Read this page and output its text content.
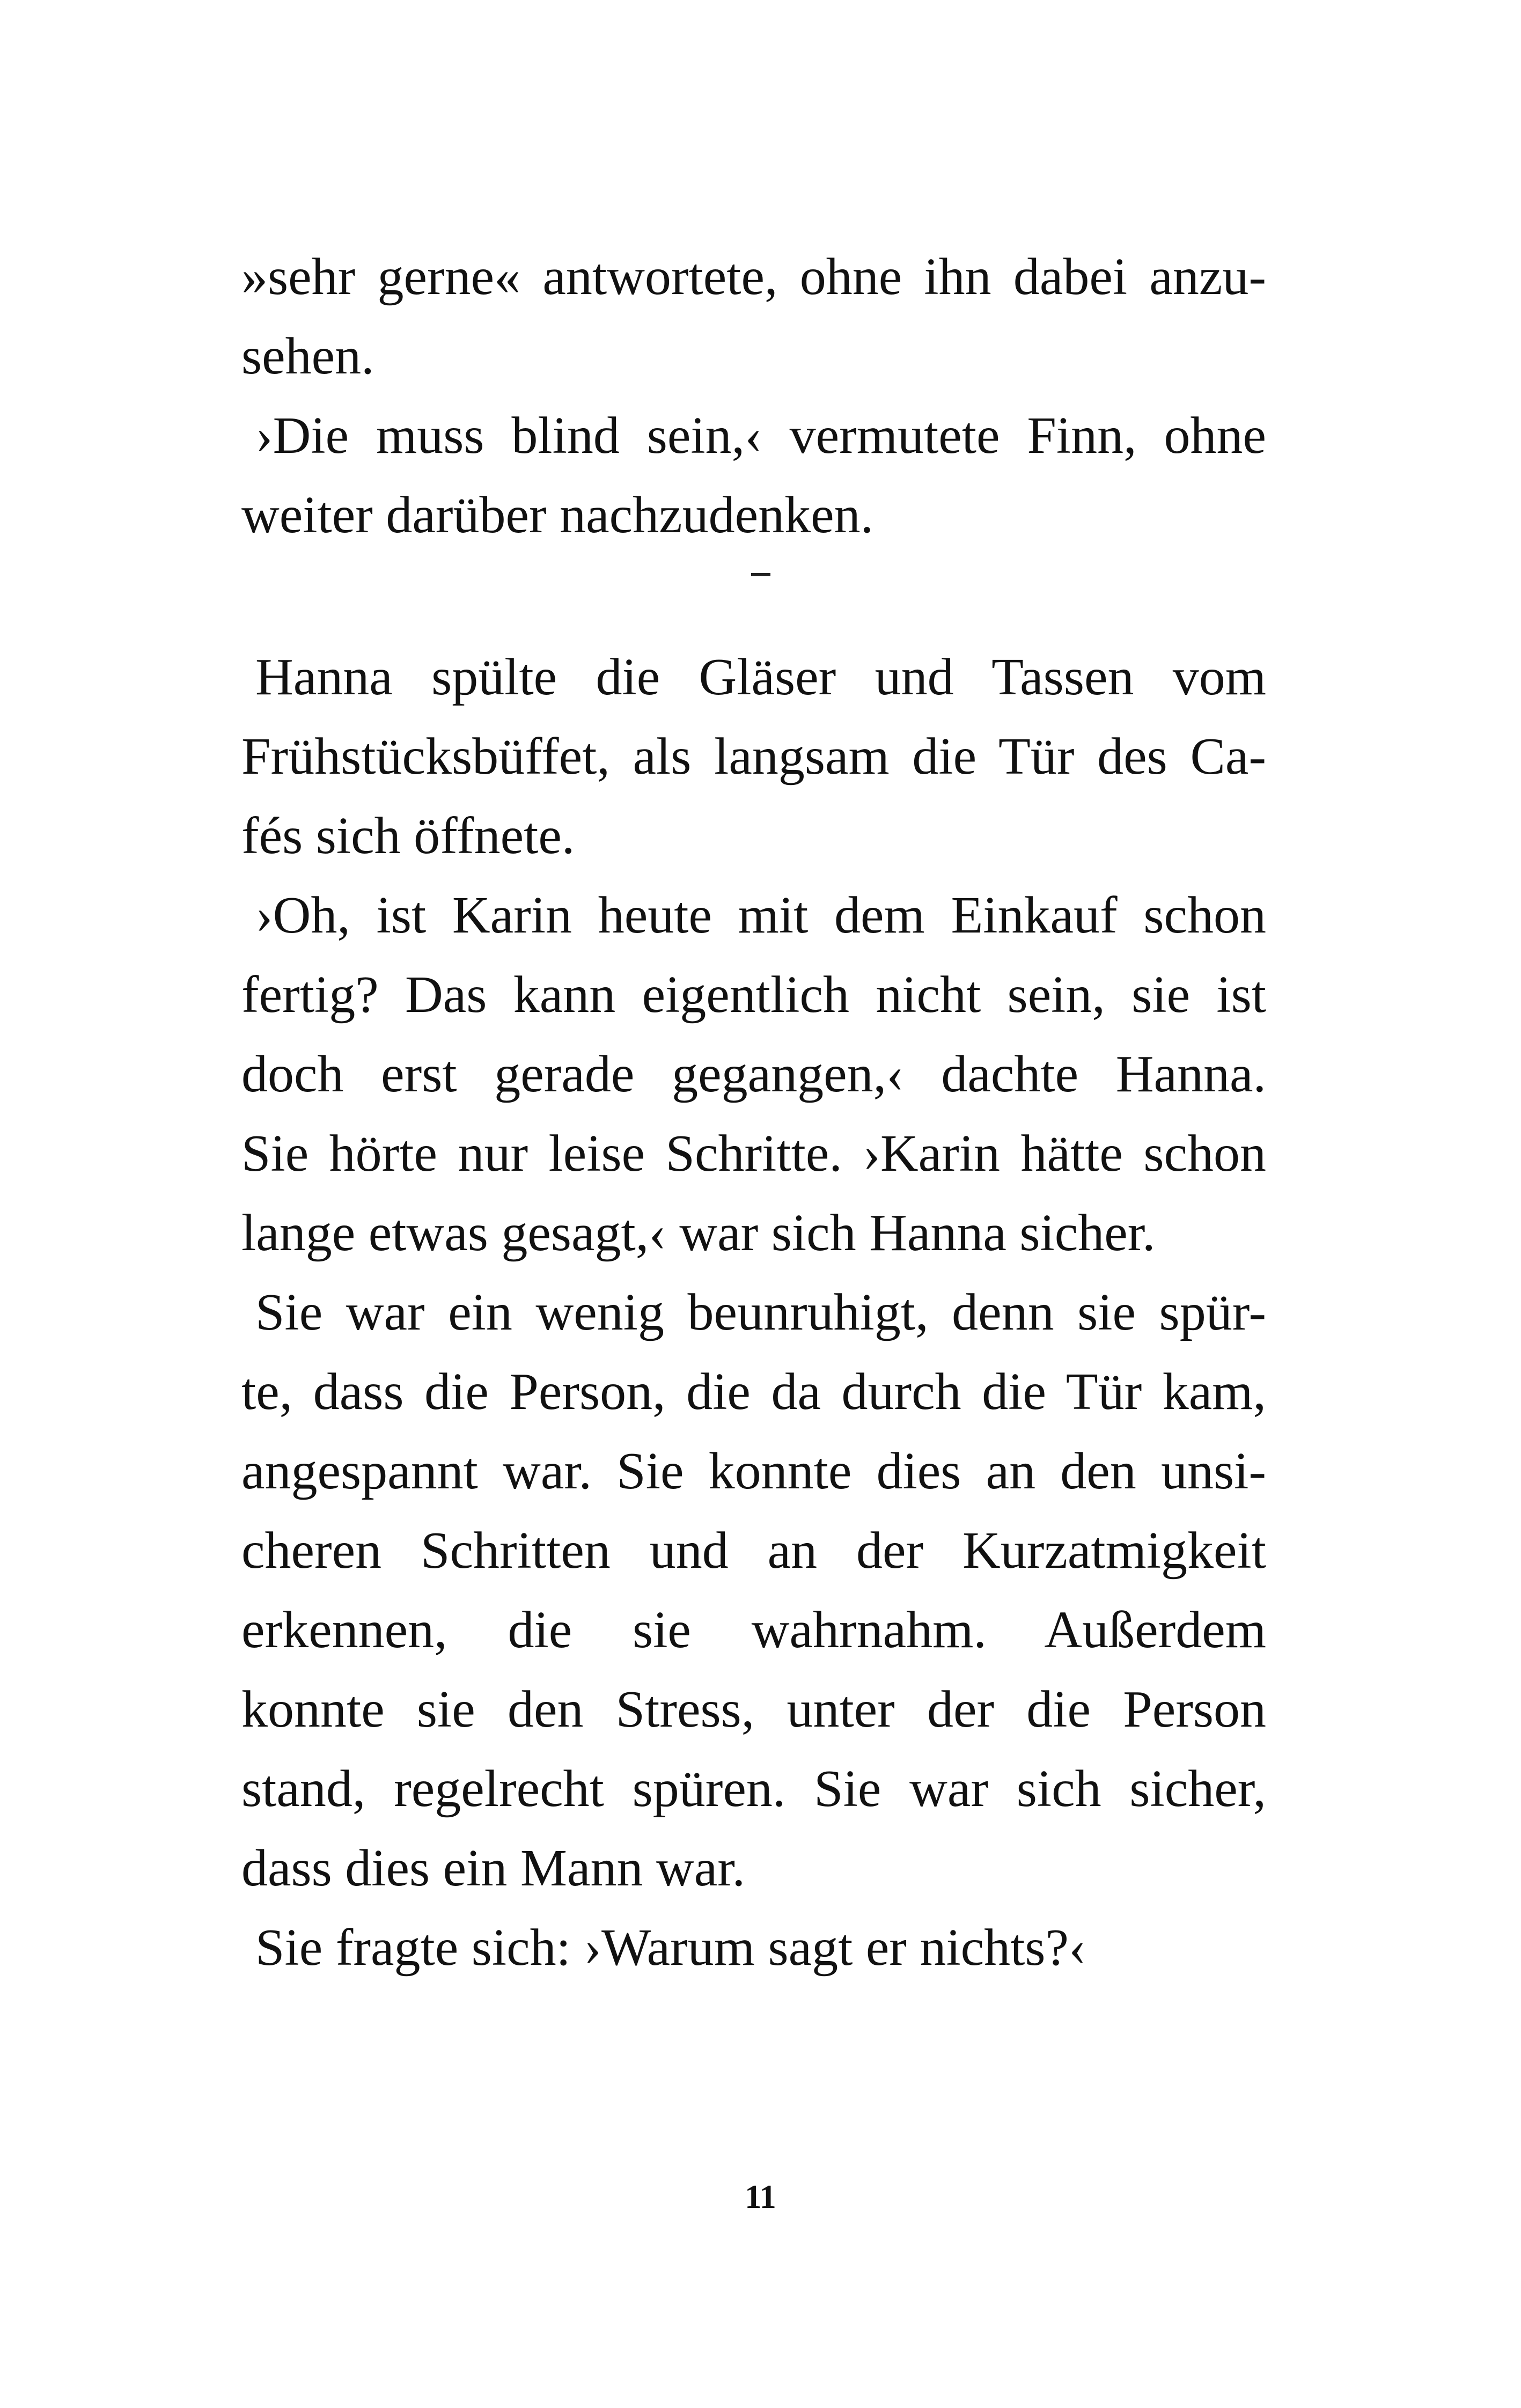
»sehr gerne« antwortete, ohne ihn dabei anzu-
sehen.
›Die muss blind sein,‹ vermutete Finn, ohne
weiter darüber nachzudenken.
Hanna spülte die Gläser und Tassen vom
Frühstücksbüffet, als langsam die Tür des Ca-
fés sich öffnete.
›Oh, ist Karin heute mit dem Einkauf schon
fertig? Das kann eigentlich nicht sein, sie ist
doch erst gerade gegangen,‹ dachte Hanna.
Sie hörte nur leise Schritte. ›Karin hätte schon
lange etwas gesagt,‹ war sich Hanna sicher.
Sie war ein wenig beunruhigt, denn sie spür-
te, dass die Person, die da durch die Tür kam,
angespannt war. Sie konnte dies an den unsi-
cheren Schritten und an der Kurzatmigkeit
erkennen, die sie wahrnahm. Außerdem
konnte sie den Stress, unter der die Person
stand, regelrecht spüren. Sie war sich sicher,
dass dies ein Mann war.
Sie fragte sich: ›Warum sagt er nichts?‹
11
